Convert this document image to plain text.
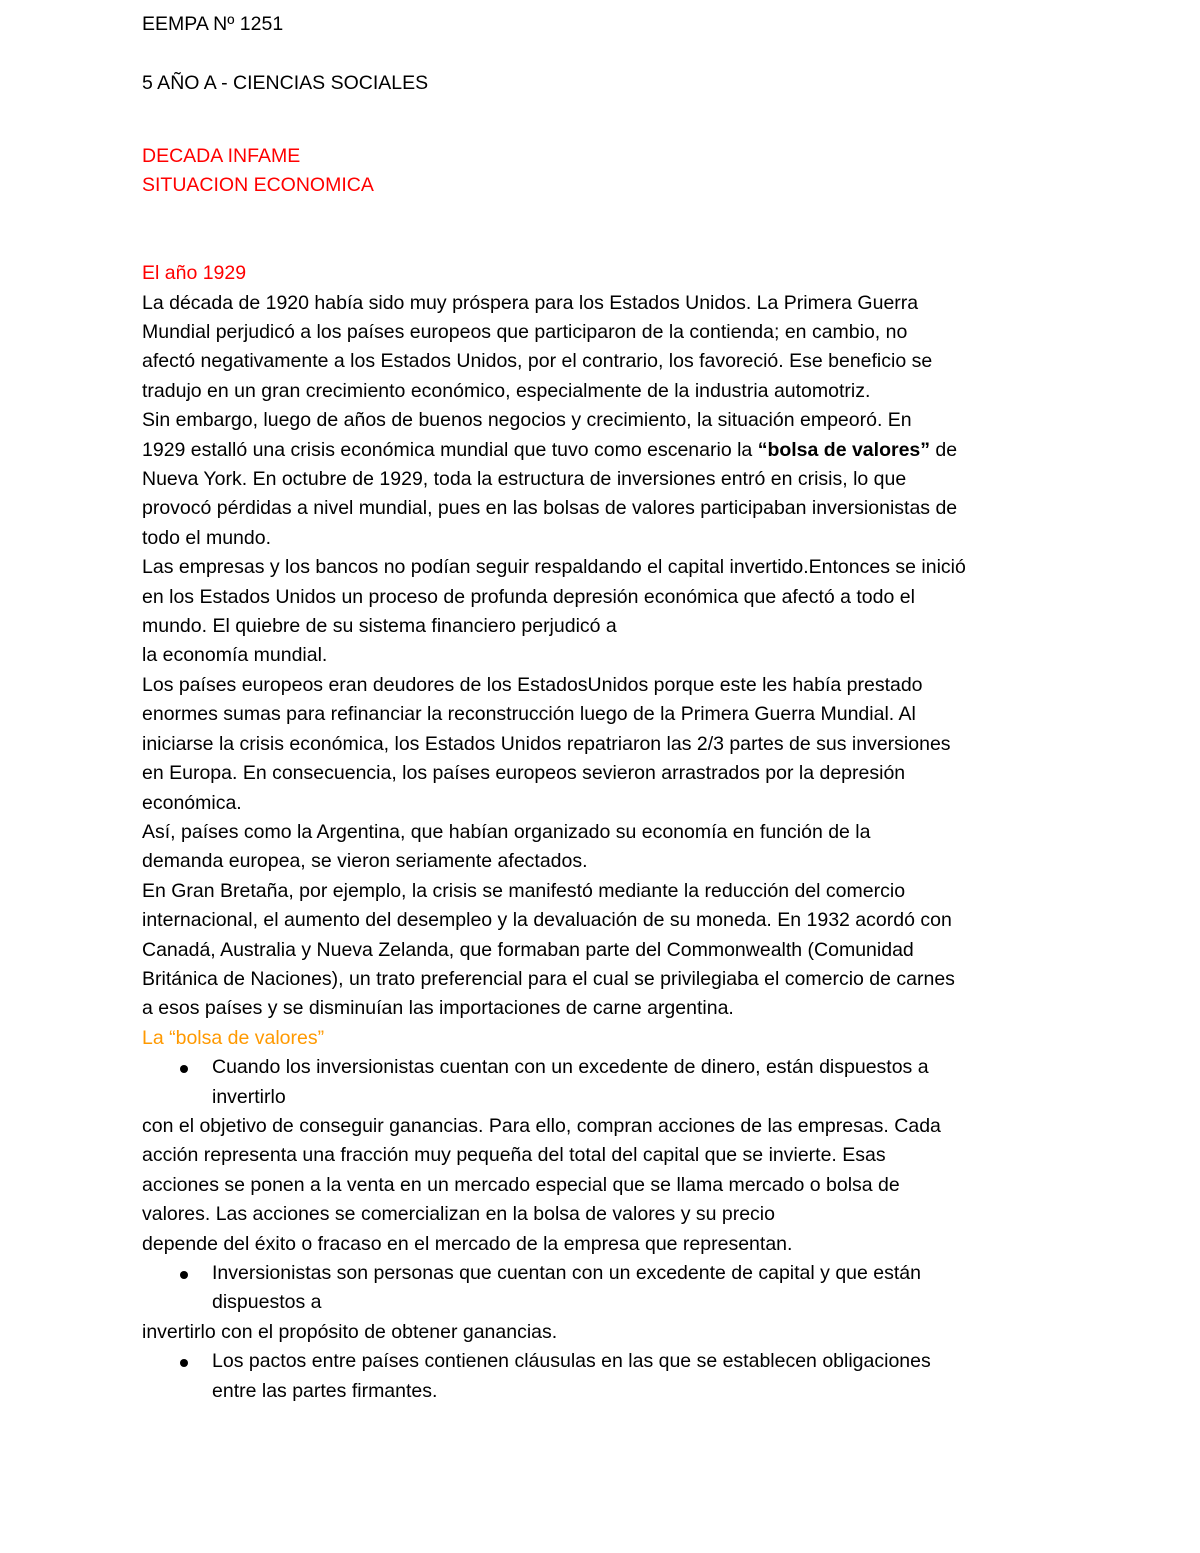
EEMPA Nº 1251

5 AÑO A - CIENCIAS SOCIALES

DECADA INFAME

SITUACION ECONOMICA

El año 1929

La década de 1920 había sido muy próspera para los Estados Unidos. La Primera Guerra

Mundial perjudicó a los países europeos que participaron de la contienda; en cambio, no

afectó negativamente a los Estados Unidos, por el contrario, los favoreció. Ese beneficio se

tradujo en un gran crecimiento económico, especialmente de la industria automotriz.

Sin embargo, luego de años de buenos negocios y crecimiento, la situación empeoró. En

1929 estalló una crisis económica mundial que tuvo como escenario la “bolsa de valores” de

Nueva York. En octubre de 1929, toda la estructura de inversiones entró en crisis, lo que

provocó pérdidas a nivel mundial, pues en las bolsas de valores participaban inversionistas de

todo el mundo.

Las empresas y los bancos no podían seguir respaldando el capital invertido.Entonces se inició

en los Estados Unidos un proceso de profunda depresión económica que afectó a todo el

mundo. El quiebre de su sistema financiero perjudicó a

la economía mundial.

Los países europeos eran deudores de los EstadosUnidos porque este les había prestado

enormes sumas para refinanciar la reconstrucción luego de la Primera Guerra Mundial. Al

iniciarse la crisis económica, los Estados Unidos repatriaron las 2/3 partes de sus inversiones

en Europa. En consecuencia, los países europeos sevieron arrastrados por la depresión

económica.

Así, países como la Argentina, que habían organizado su economía en función de la

demanda europea, se vieron seriamente afectados.

En Gran Bretaña, por ejemplo, la crisis se manifestó mediante la reducción del comercio

internacional, el aumento del desempleo y la devaluación de su moneda. En 1932 acordó con

Canadá, Australia y Nueva Zelanda, que formaban parte del Commonwealth (Comunidad

Británica de Naciones), un trato preferencial para el cual se privilegiaba el comercio de carnes

a esos países y se disminuían las importaciones de carne argentina.

La “bolsa de valores”

Cuando los inversionistas cuentan con un excedente de dinero, están dispuestos a

invertirlo

con el objetivo de conseguir ganancias. Para ello, compran acciones de las empresas. Cada

acción representa una fracción muy pequeña del total del capital que se invierte. Esas

acciones se ponen a la venta en un mercado especial que se llama mercado o bolsa de

valores. Las acciones se comercializan en la bolsa de valores y su precio

depende del éxito o fracaso en el mercado de la empresa que representan.

Inversionistas son personas que cuentan con un excedente de capital y que están

dispuestos a

invertirlo con el propósito de obtener ganancias.

Los pactos entre países contienen cláusulas en las que se establecen obligaciones

entre las partes firmantes.
